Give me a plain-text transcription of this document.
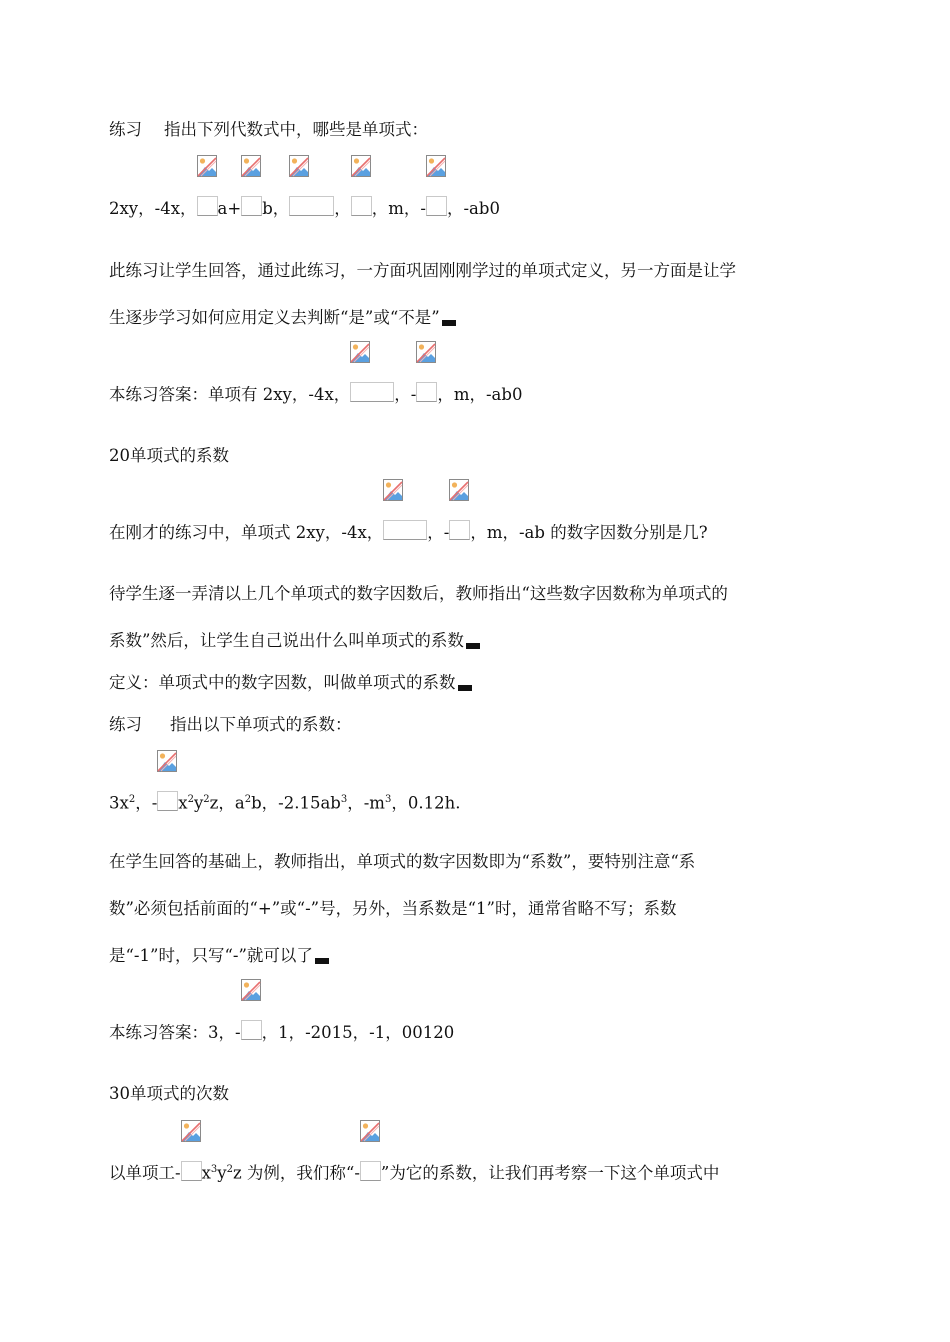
练习 指出下列代数式中，哪些是单项式：
2xy，-4x， a+ b，	， ，m，- ，-ab0
此练习让学生回答，通过此练习，一方面巩固刚刚学过的单项式定义，另一方面是让学
生逐步学习如何应用定义去判断“是”或“不是”
本练习答案：单项有 2xy，-4x，	，- ，m，-ab0
20单项式的系数
在刚才的练习中，单项式 2xy，-4x，	，- ，m，-ab 的数字因数分别是几?
待学生逐一弄清以上几个单项式的数字因数后，教师指出“这些数字因数称为单项式的
系数”然后，让学生自己说出什么叫单项式的系数
定义：单项式中的数字因数，叫做单项式的系数
练习 指出以下单项式的系数：
$3x^2$，- $x^2y^2z$，$a^2b$，$-2.15ab^3$，$-m^3$，0.12h.
在学生回答的基础上，教师指出，单项式的数字因数即为“系数”，要特别注意“系
数”必须包括前面的“+”或“-”号，另外，当系数是“1”时，通常省略不写；系数
是“-1”时，只写“-”就可以了
本练习答案：3，- ，1，-2015，-1，00120
30单项式的次数
以单项工- $x^3y^2z$ 为例，我们称“- ”为它的系数，让我们再考察一下这个单项式中
